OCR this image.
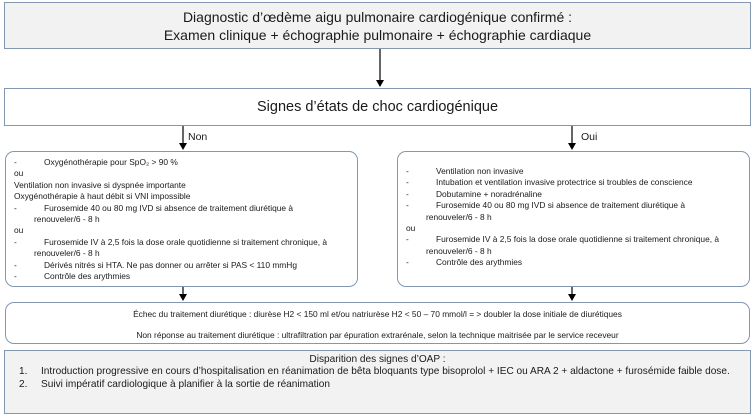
Diagnostic d’œdème aigu pulmonaire cardiogénique confirmé :
Examen clinique + échographie pulmonaire + échographie cardiaque
Signes d’états de choc cardiogénique
Non	Oui
-	Oxygénothérapie pour SpO₂ > 90 %
ou
Ventilation non invasive si dyspnée importante
Oxygénothérapie à haut débit si VNI impossible
-	Furosemide 40 ou 80 mg IVD si absence de traitement diurétique à
renouveler/6 - 8 h
ou
-	Furosemide IV à 2,5 fois la dose orale quotidienne si traitement chronique, à
renouveler/6 - 8 h
-	Dérivés nitrés si HTA. Ne pas donner ou arrêter si PAS < 110 mmHg
-	Contrôle des arythmies
-	Ventilation non invasive
-	Intubation et ventilation invasive protectrice si troubles de conscience
-	Dobutamine + noradrénaline
-	Furosemide 40 ou 80 mg IVD si absence de traitement diurétique à
renouveler/6 - 8 h
ou
-	Furosemide IV à 2,5 fois la dose orale quotidienne si traitement chronique, à
renouveler/6 - 8 h
-	Contrôle des arythmies
Échec du traitement diurétique : diurèse H2 < 150 ml et/ou natriurèse H2 < 50 – 70 mmol/l = > doubler la dose initiale de diurétiques
Non réponse au traitement diurétique : ultrafiltration par épuration extrarénale, selon la technique maitrisée par le service receveur
Disparition des signes d’OAP :
1.	Introduction progressive en cours d’hospitalisation en réanimation de bêta bloquants type bisoprolol + IEC ou ARA 2 + aldactone + furosémide faible dose.
2.	Suivi impératif cardiologique à planifier à la sortie de réanimation
